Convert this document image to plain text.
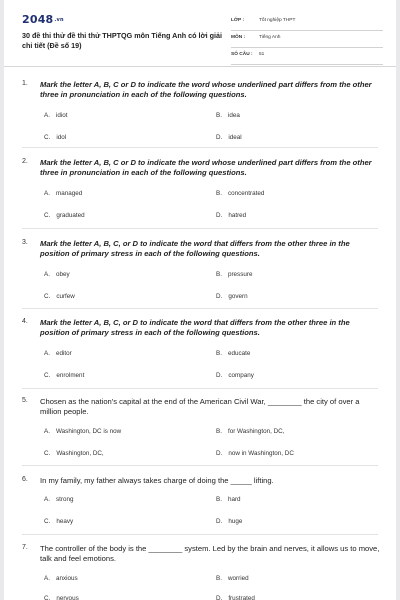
2048.vn
30 đề thi thử đề thi thử THPTQG môn Tiếng Anh có lời giải chi tiết (Đề số 19)
LỚP :	Tốt nghiệp THPT
MÔN :	Tiếng Anh
SỐ CÂU : 51
1. Mark the letter A, B, C or D to indicate the word whose underlined part differs from the other three in pronunciation in each of the following questions.
A. idiot	B. idea
C. idol	D. ideal
2. Mark the letter A, B, C or D to indicate the word whose underlined part differs from the other three in pronunciation in each of the following questions.
A. managed	B. concentrated
C. graduated	D. hatred
3. Mark the letter A, B, C, or D to indicate the word that differs from the other three in the position of primary stress in each of the following questions.
A. obey	B. pressure
C. curfew	D. govern
4. Mark the letter A, B, C, or D to indicate the word that differs from the other three in the position of primary stress in each of the following questions.
A. editor	B. educate
C. enrolment	D. company
5. Chosen as the nation's capital at the end of the American Civil War, ________ the city of over a million people.
A. Washington, DC is now	B. for Washington, DC,
C. Washington, DC,	D. now in Washington, DC
6. In my family, my father always takes charge of doing the _____ lifting.
A. strong	B. hard
C. heavy	D. huge
7. The controller of the body is the ________ system. Led by the brain and nerves, it allows us to move, talk and feel emotions.
A. anxious	B. worried
C. nervous	D. frustrated
